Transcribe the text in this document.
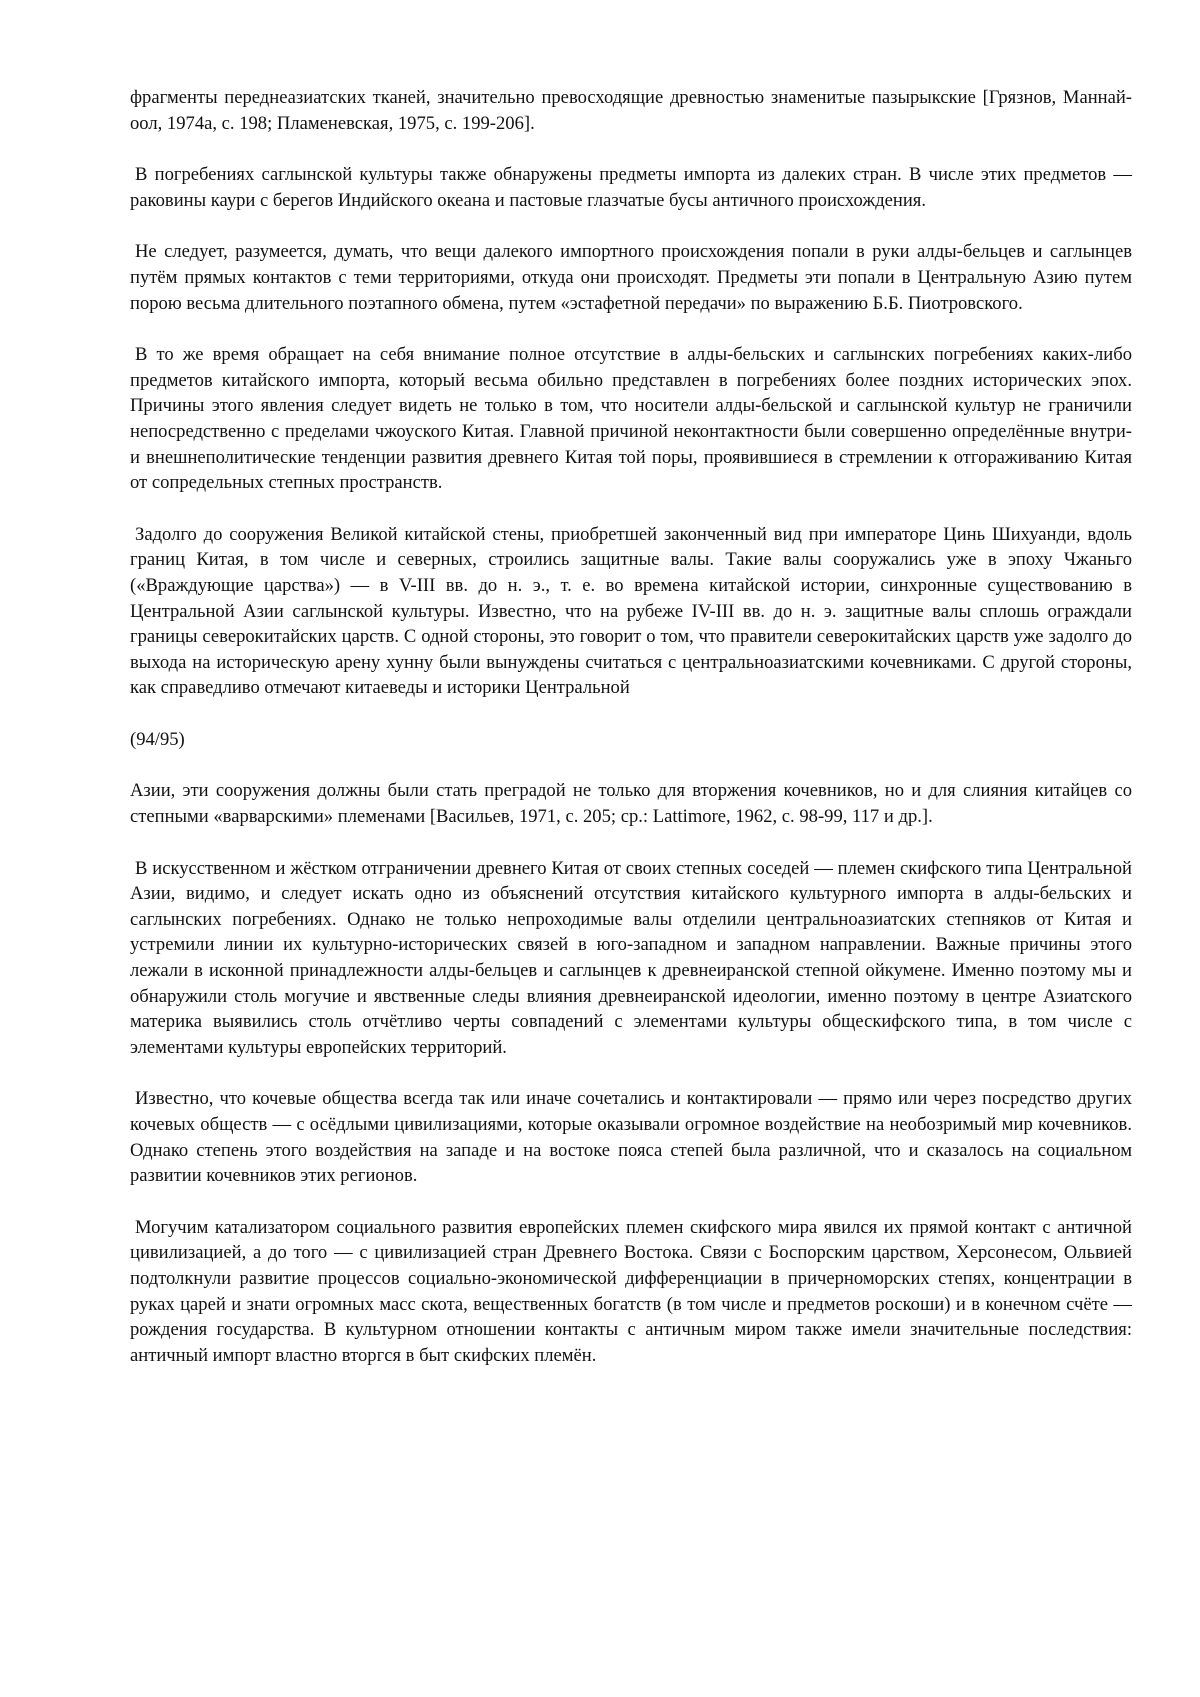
фрагменты переднеазиатских тканей, значительно превосходящие древностью знаменитые пазырыкские [Грязнов, Маннай-оол, 1974а, с. 198; Пламеневская, 1975, с. 199-206].

В погребениях саглынской культуры также обнаружены предметы импорта из далеких стран. В числе этих предметов — раковины каури с берегов Индийского океана и пастовые глазчатые бусы античного происхождения.

Не следует, разумеется, думать, что вещи далекого импортного происхождения попали в руки алды-бельцев и саглынцев путём прямых контактов с теми территориями, откуда они происходят. Предметы эти попали в Центральную Азию путем порою весьма длительного поэтапного обмена, путем «эстафетной передачи» по выражению Б.Б. Пиотровского.

В то же время обращает на себя внимание полное отсутствие в алды-бельских и саглынских погребениях каких-либо предметов китайского импорта, который весьма обильно представлен в погребениях более поздних исторических эпох. Причины этого явления следует видеть не только в том, что носители алды-бельской и саглынской культур не граничили непосредственно с пределами чжоуского Китая. Главной причиной неконтактности были совершенно определённые внутри- и внешнеполитические тенденции развития древнего Китая той поры, проявившиеся в стремлении к отгораживанию Китая от сопредельных степных пространств.

Задолго до сооружения Великой китайской стены, приобретшей законченный вид при императоре Цинь Шихуанди, вдоль границ Китая, в том числе и северных, строились защитные валы. Такие валы сооружались уже в эпоху Чжаньго («Враждующие царства») — в V-III вв. до н. э., т. е. во времена китайской истории, синхронные существованию в Центральной Азии саглынской культуры. Известно, что на рубеже IV-III вв. до н. э. защитные валы сплошь ограждали границы северокитайских царств. С одной стороны, это говорит о том, что правители северокитайских царств уже задолго до выхода на историческую арену хунну были вынуждены считаться с центральноазиатскими кочевниками. С другой стороны, как справедливо отмечают китаеведы и историки Центральной

(94/95)

Азии, эти сооружения должны были стать преградой не только для вторжения кочевников, но и для слияния китайцев со степными «варварскими» племенами [Васильев, 1971, с. 205; ср.: Lattimore, 1962, с. 98-99, 117 и др.].

В искусственном и жёстком отграничении древнего Китая от своих степных соседей — племен скифского типа Центральной Азии, видимо, и следует искать одно из объяснений отсутствия китайского культурного импорта в алды-бельских и саглынских погребениях. Однако не только непроходимые валы отделили центральноазиатских степняков от Китая и устремили линии их культурно-исторических связей в юго-западном и западном направлении. Важные причины этого лежали в исконной принадлежности алды-бельцев и саглынцев к древнеиранской степной ойкумене. Именно поэтому мы и обнаружили столь могучие и явственные следы влияния древнеиранской идеологии, именно поэтому в центре Азиатского материка выявились столь отчётливо черты совпадений с элементами культуры общескифского типа, в том числе с элементами культуры европейских территорий.

Известно, что кочевые общества всегда так или иначе сочетались и контактировали — прямо или через посредство других кочевых обществ — с осёдлыми цивилизациями, которые оказывали огромное воздействие на необозримый мир кочевников. Однако степень этого воздействия на западе и на востоке пояса степей была различной, что и сказалось на социальном развитии кочевников этих регионов.

Могучим катализатором социального развития европейских племен скифского мира явился их прямой контакт с античной цивилизацией, а до того — с цивилизацией стран Древнего Востока. Связи с Боспорским царством, Херсонесом, Ольвией подтолкнули развитие процессов социально-экономической дифференциации в причерноморских степях, концентрации в руках царей и знати огромных масс скота, вещественных богатств (в том числе и предметов роскоши) и в конечном счёте — рождения государства. В культурном отношении контакты с античным миром также имели значительные последствия: античный импорт властно вторгся в быт скифских племён.
